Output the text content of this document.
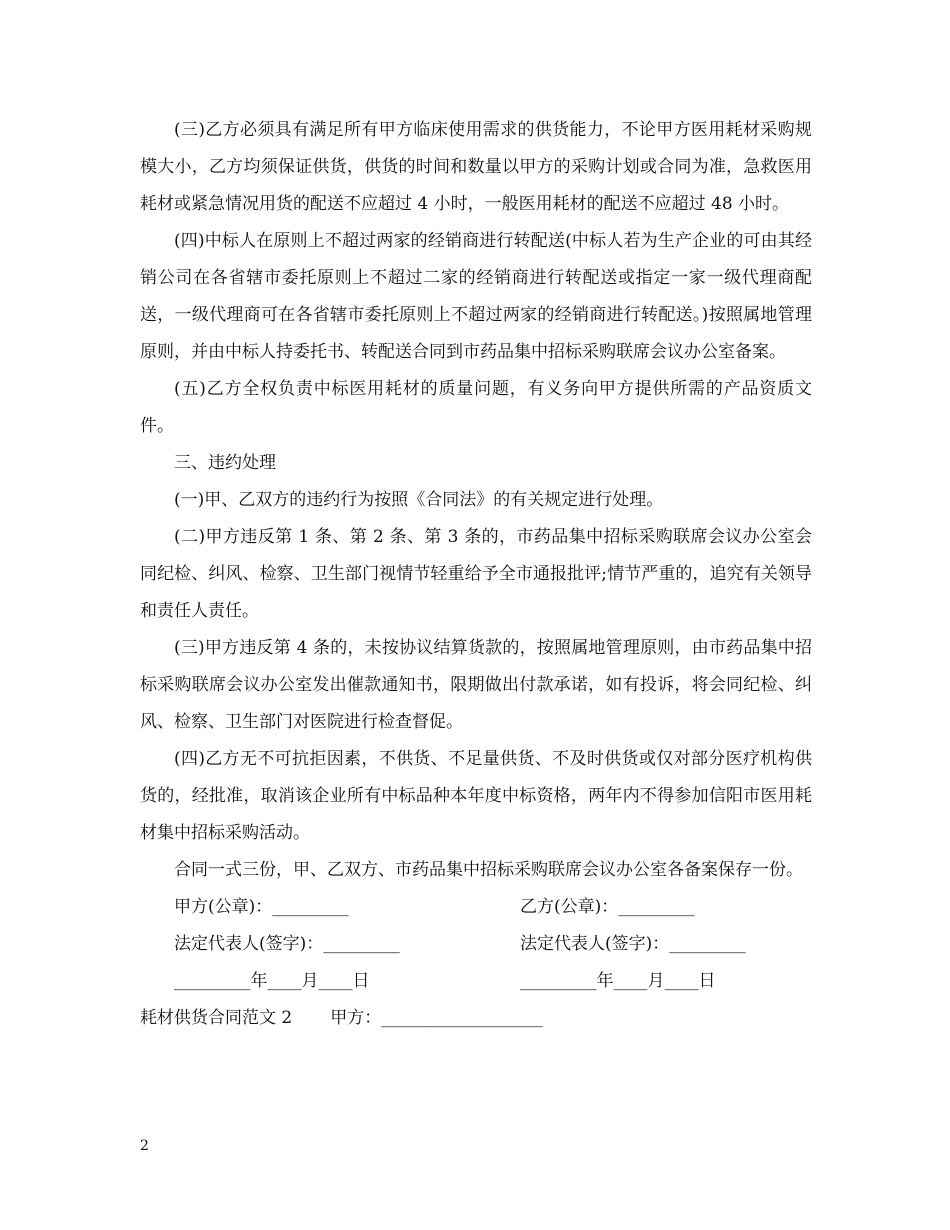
(三)乙方必须具有满足所有甲方临床使用需求的供货能力，不论甲方医用耗材采购规模大小，乙方均须保证供货，供货的时间和数量以甲方的采购计划或合同为准，急救医用耗材或紧急情况用货的配送不应超过 4 小时，一般医用耗材的配送不应超过 48 小时。

(四)中标人在原则上不超过两家的经销商进行转配送(中标人若为生产企业的可由其经销公司在各省辖市委托原则上不超过二家的经销商进行转配送或指定一家一级代理商配送，一级代理商可在各省辖市委托原则上不超过两家的经销商进行转配送。)按照属地管理原则，并由中标人持委托书、转配送合同到市药品集中招标采购联席会议办公室备案。

(五)乙方全权负责中标医用耗材的质量问题，有义务向甲方提供所需的产品资质文件。

三、违约处理

(一)甲、乙双方的违约行为按照《合同法》的有关规定进行处理。

(二)甲方违反第 1 条、第 2 条、第 3 条的，市药品集中招标采购联席会议办公室会同纪检、纠风、检察、卫生部门视情节轻重给予全市通报批评;情节严重的，追究有关领导和责任人责任。

(三)甲方违反第 4 条的，未按协议结算货款的，按照属地管理原则，由市药品集中招标采购联席会议办公室发出催款通知书，限期做出付款承诺，如有投诉，将会同纪检、纠风、检察、卫生部门对医院进行检查督促。

(四)乙方无不可抗拒因素，不供货、不足量供货、不及时供货或仅对部分医疗机构供货的，经批准，取消该企业所有中标品种本年度中标资格，两年内不得参加信阳市医用耗材集中招标采购活动。

合同一式三份，甲、乙双方、市药品集中招标采购联席会议办公室各备案保存一份。

甲方(公章)：_________	乙方(公章)：_________
法定代表人(签字)：_________	法定代表人(签字)：_________
_________年____月____日	_________年____月____日
耗材供货合同范文 2 甲方：___________________
2
